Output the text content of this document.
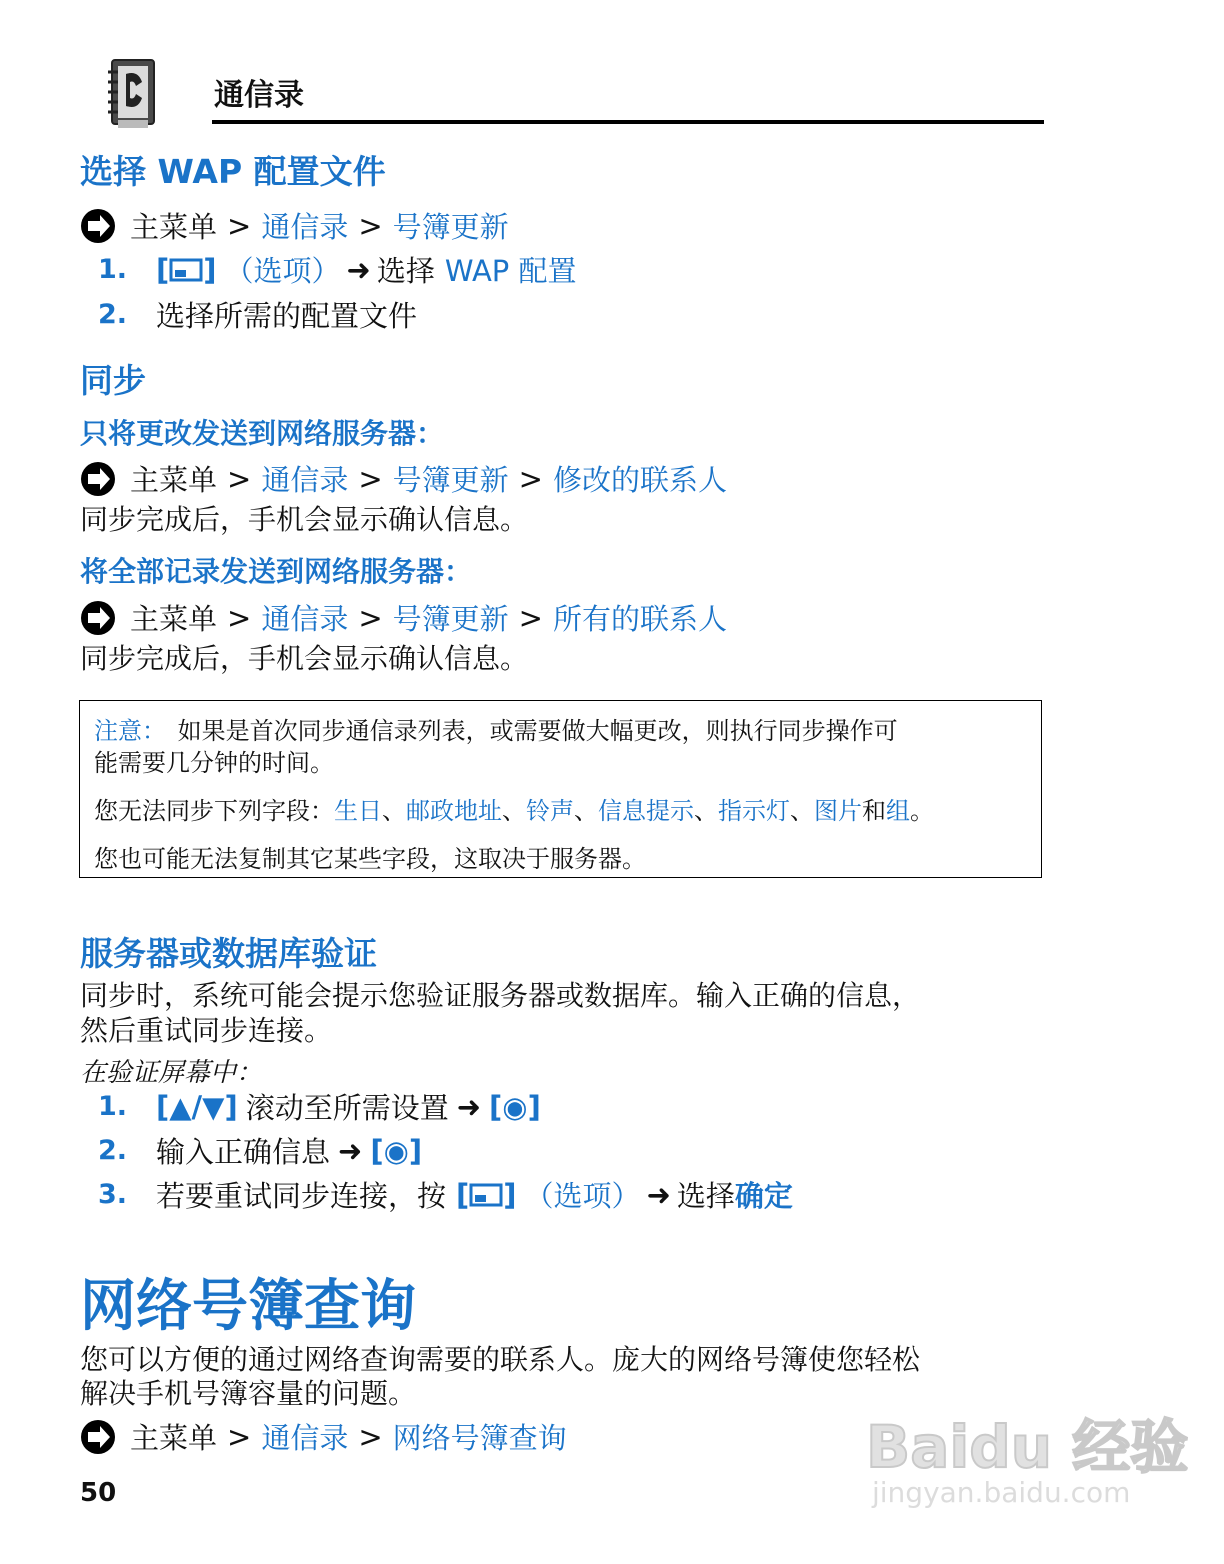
通信录
选择 WAP 配置文件
主菜单 > 通信录 > 号簿更新
1. [ ] （选项） ➜ 选择 WAP 配置
2. 选择所需的配置文件
同步
只将更改发送到网络服务器：
主菜单 > 通信录 > 号簿更新 > 修改的联系人
同步完成后，手机会显示确认信息。
将全部记录发送到网络服务器：
主菜单 > 通信录 > 号簿更新 > 所有的联系人
同步完成后，手机会显示确认信息。
注意： 如果是首次同步通信录列表，或需要做大幅更改，则执行同步操作可
能需要几分钟的时间。
您无法同步下列字段：生日、邮政地址、铃声、信息提示、指示灯、图片和组。
您也可能无法复制其它某些字段，这取决于服务器。
服务器或数据库验证
同步时，系统可能会提示您验证服务器或数据库。输入正确的信息，
然后重试同步连接。
在验证屏幕中：
1. [▲/▼] 滚动至所需设置 ➜ [◉]
2. 输入正确信息 ➜ [◉]
3. 若要重试同步连接，按 [ ] （选项） ➜ 选择 确定
网络号簿查询
您可以方便的通过网络查询需要的联系人。庞大的网络号簿使您轻松
解决手机号簿容量的问题。
主菜单 > 通信录 > 网络号簿查询
50
Baidu 经验
jingyan.baidu.com
